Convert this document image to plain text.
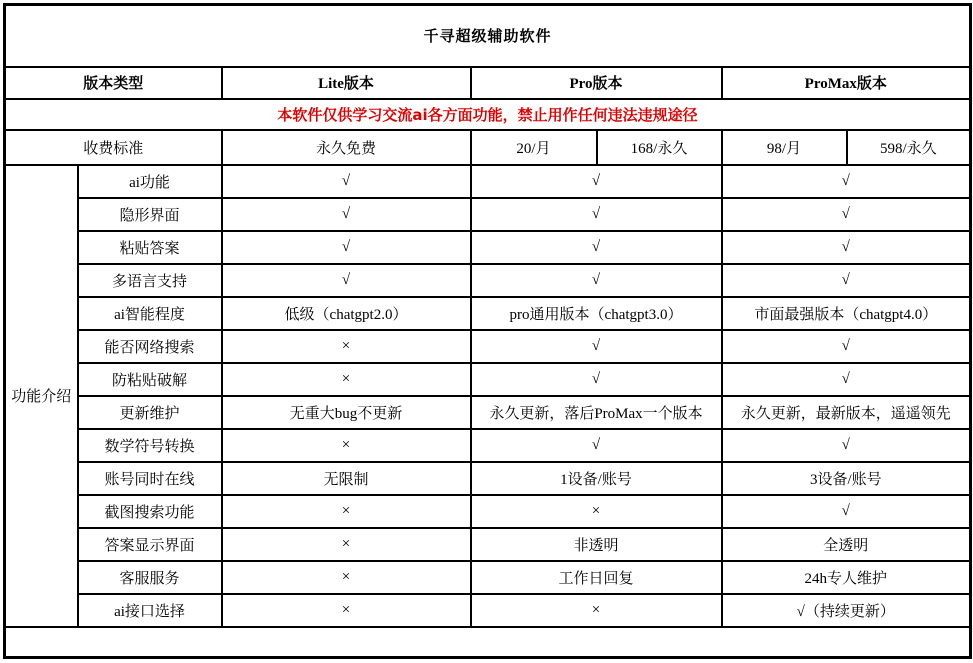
千寻超级辅助软件						
版本类型		Lite版本	Pro版本		ProMax版本	
本软件仅供学习交流ai各方面功能，禁止用作任何违法违规途径						
收费标准		永久免费	20/月	168/永久	98/月	598/永久
功能介绍	ai功能	√	√		√	
	隐形界面	√	√		√	
	粘贴答案	√	√		√	
	多语言支持	√	√		√	
	ai智能程度	低级（chatgpt2.0）	pro通用版本（chatgpt3.0）		市面最强版本（chatgpt4.0）	
	能否网络搜索	×	√		√	
	防粘贴破解	×	√		√	
	更新维护	无重大bug不更新	永久更新，落后ProMax一个版本		永久更新，最新版本，遥遥领先	
	数学符号转换	×	√		√	
	账号同时在线	无限制	1设备/账号		3设备/账号	
	截图搜索功能	×	×		√	
	答案显示界面	×	非透明		全透明	
	客服服务	×	工作日回复		24h专人维护	
	ai接口选择	×	×		√（持续更新）	
